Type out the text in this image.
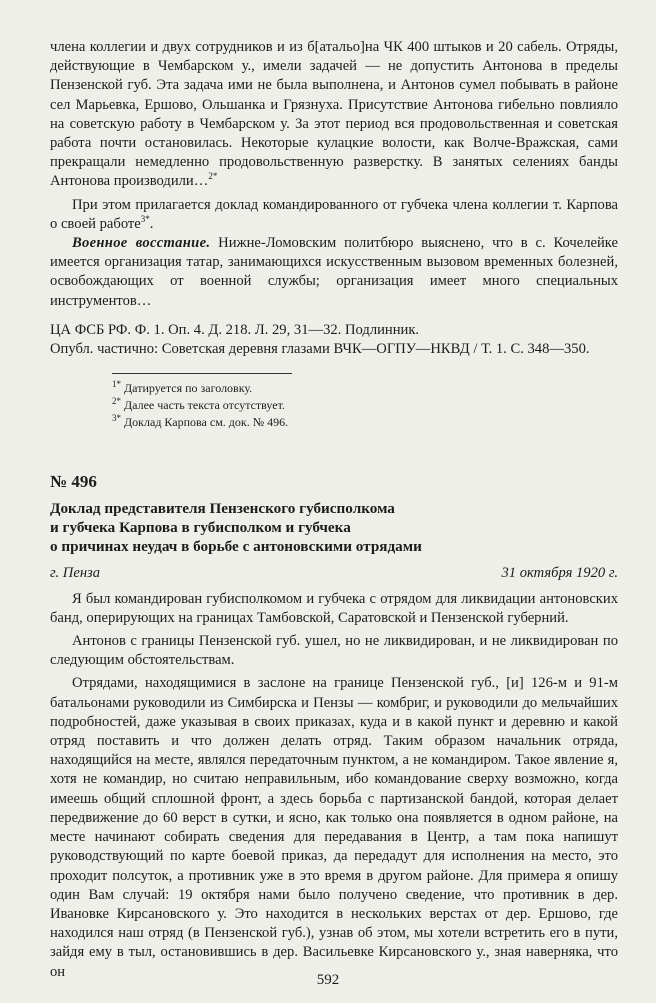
члена коллегии и двух сотрудников и из б[атальо]на ЧК 400 штыков и 20 сабель. Отряды, действующие в Чембарском у., имели задачей — не допустить Антонова в пределы Пензенской губ. Эта задача ими не была выполнена, и Антонов сумел побывать в районе сел Марьевка, Ершово, Ольшанка и Грязнуха. Присутствие Антонова гибельно повлияло на советскую работу в Чембарском у. За этот период вся продовольственная и советская работа почти остановилась. Некоторые кулацкие волости, как Волче-Вражская, сами прекращали немедленно продовольственную разверстку. В занятых селениях банды Антонова производили…$^{2*}$

При этом прилагается доклад командированного от губчека члена коллегии т. Карпова о своей работе$^{3*}$.

Военное восстание. Нижне-Ломовским политбюро выяснено, что в с. Кочелейке имеется организация татар, занимающихся искусственным вызовом временных болезней, освобождающих от военной службы; организация имеет много специальных инструментов…

ЦА ФСБ РФ. Ф. 1. Оп. 4. Д. 218. Л. 29, 31—32. Подлинник.

Опубл. частично: Советская деревня глазами ВЧК—ОГПУ—НКВД / Т. 1. С. 348—350.

$^{1*}$ Датируется по заголовку.
$^{2*}$ Далее часть текста отсутствует.
$^{3*}$ Доклад Карпова см. док. № 496.
№ 496
Доклад представителя Пензенского губисполкома
и губчека Карпова в губисполком и губчека
о причинах неудач в борьбе с антоновскими отрядами
г. Пенза	31 октября 1920 г.

Я был командирован губисполкомом и губчека с отрядом для ликвидации антоновских банд, оперирующих на границах Тамбовской, Саратовской и Пензенской губерний.

Антонов с границы Пензенской губ. ушел, но не ликвидирован, и не ликвидирован по следующим обстоятельствам.

Отрядами, находящимися в заслоне на границе Пензенской губ., [и] 126-м и 91-м батальонами руководили из Симбирска и Пензы — комбриг, и руководили до мельчайших подробностей, даже указывая в своих приказах, куда и в какой пункт и деревню и какой отряд поставить и что должен делать отряд. Таким образом начальник отряда, находящийся на месте, являлся передаточным пунктом, а не командиром. Такое явление я, хотя не командир, но считаю неправильным, ибо командование сверху возможно, когда имеешь общий сплошной фронт, а здесь борьба с партизанской бандой, которая делает передвижение до 60 верст в сутки, и ясно, как только она появляется в одном районе, на месте начинают собирать сведения для передавания в Центр, а там пока напишут руководствующий по карте боевой приказ, да передадут для исполнения на место, это проходит полсуток, а противник уже в это время в другом районе. Для примера я опишу один Вам случай: 19 октября нами было получено сведение, что противник в дер. Ивановке Кирсановского у. Это находится в нескольких верстах от дер. Ершово, где находился наш отряд (в Пензенской губ.), узнав об этом, мы хотели встретить его в пути, зайдя ему в тыл, остановившись в дер. Васильевке Кирсановского у., зная наверняка, что он

592
